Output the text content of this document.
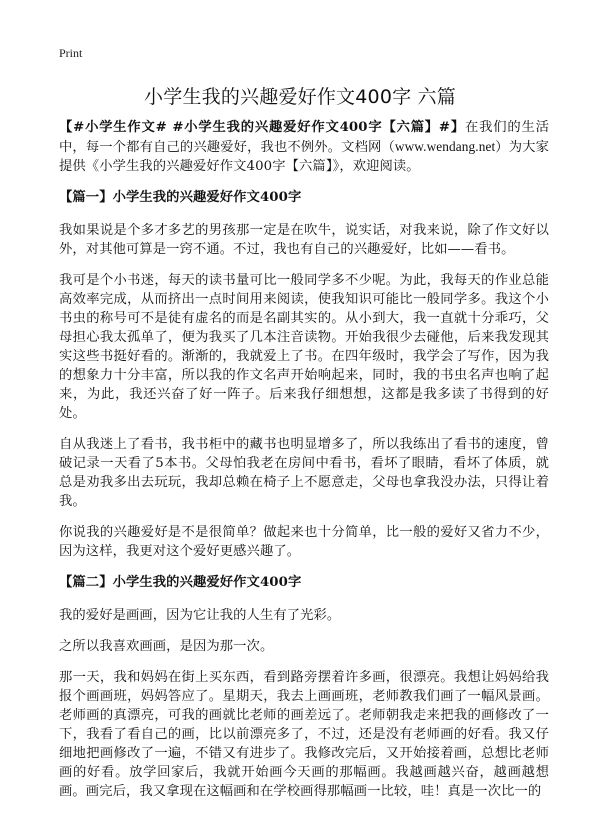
Print
小学生我的兴趣爱好作文400字 六篇

【#小学生作文# #小学生我的兴趣爱好作文400字【六篇】#】在我们的生活中，每一个都有自己的兴趣爱好，我也不例外。文档网（www.wendang.net）为大家提供《小学生我的兴趣爱好作文400字【六篇】》，欢迎阅读。

【篇一】小学生我的兴趣爱好作文400字

我如果说是个多才多艺的男孩那一定是在吹牛，说实话，对我来说，除了作文好以外，对其他可算是一窍不通。不过，我也有自己的兴趣爱好，比如——看书。

我可是个小书迷，每天的读书量可比一般同学多不少呢。为此，我每天的作业总能高效率完成，从而挤出一点时间用来阅读，使我知识可能比一般同学多。我这个小书虫的称号可不是徒有虚名的而是名副其实的。从小到大，我一直就十分乖巧，父母担心我太孤单了，便为我买了几本注音读物。开始我很少去碰他，后来我发现其实这些书挺好看的。渐渐的，我就爱上了书。在四年级时，我学会了写作，因为我的想象力十分丰富，所以我的作文名声开始响起来，同时，我的书虫名声也响了起来，为此，我还兴奋了好一阵子。后来我仔细想想，这都是我多读了书得到的好处。

自从我迷上了看书，我书柜中的藏书也明显增多了，所以我练出了看书的速度，曾破记录一天看了5本书。父母怕我老在房间中看书，看坏了眼睛，看坏了体质，就总是劝我多出去玩玩，我却总赖在椅子上不愿意走，父母也拿我没办法，只得让着我。

你说我的兴趣爱好是不是很简单？做起来也十分简单，比一般的爱好又省力不少，因为这样，我更对这个爱好更感兴趣了。

【篇二】小学生我的兴趣爱好作文400字

我的爱好是画画，因为它让我的人生有了光彩。

之所以我喜欢画画，是因为那一次。

那一天，我和妈妈在街上买东西，看到路旁摆着许多画，很漂亮。我想让妈妈给我报个画画班，妈妈答应了。星期天，我去上画画班，老师教我们画了一幅风景画。老师画的真漂亮，可我的画就比老师的画差远了。老师朝我走来把我的画修改了一下，我看了看自己的画，比以前漂亮多了，不过，还是没有老师画的好看。我又仔细地把画修改了一遍，不错又有进步了。我修改完后，又开始接着画，总想比老师画的好看。放学回家后，我就开始画今天画的那幅画。我越画越兴奋，越画越想画。画完后，我又拿现在这幅画和在学校画得那幅画一比较，哇！真是一次比一的
